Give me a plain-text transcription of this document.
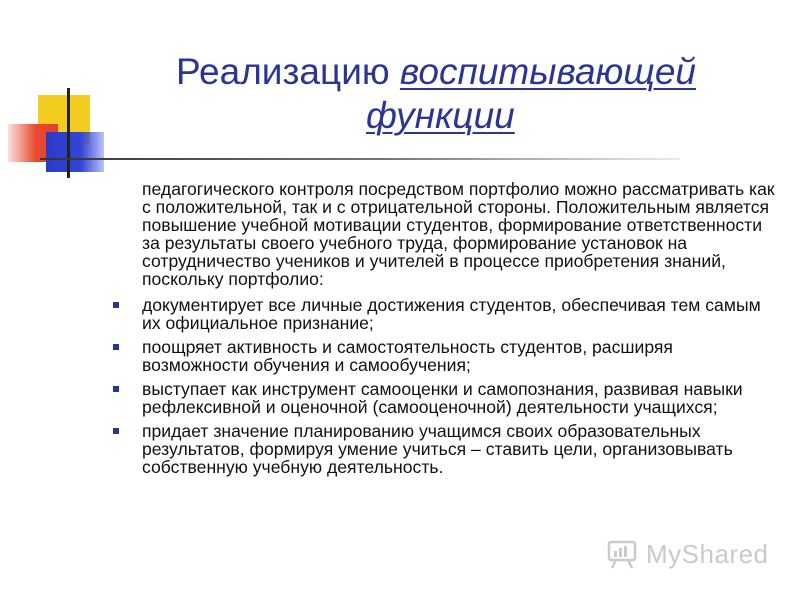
Реализацию воспитывающей
функции

педагогического контроля посредством портфолио можно рассматривать как с положительной, так и с отрицательной стороны. Положительным является повышение учебной мотивации студентов, формирование ответственности за результаты своего учебного труда, формирование установок на сотрудничество учеников и учителей в процессе приобретения знаний, поскольку портфолио:

документирует все личные достижения студентов, обеспечивая тем самым их официальное признание;
поощряет активность и самостоятельность студентов, расширяя возможности обучения и самообучения;
выступает как инструмент самооценки и самопознания, развивая навыки рефлексивной и оценочной (самооценочной) деятельности учащихся;
придает значение планированию учащимся своих образовательных результатов, формируя умение учиться – ставить цели, организовывать собственную учебную деятельность.
MyShared
